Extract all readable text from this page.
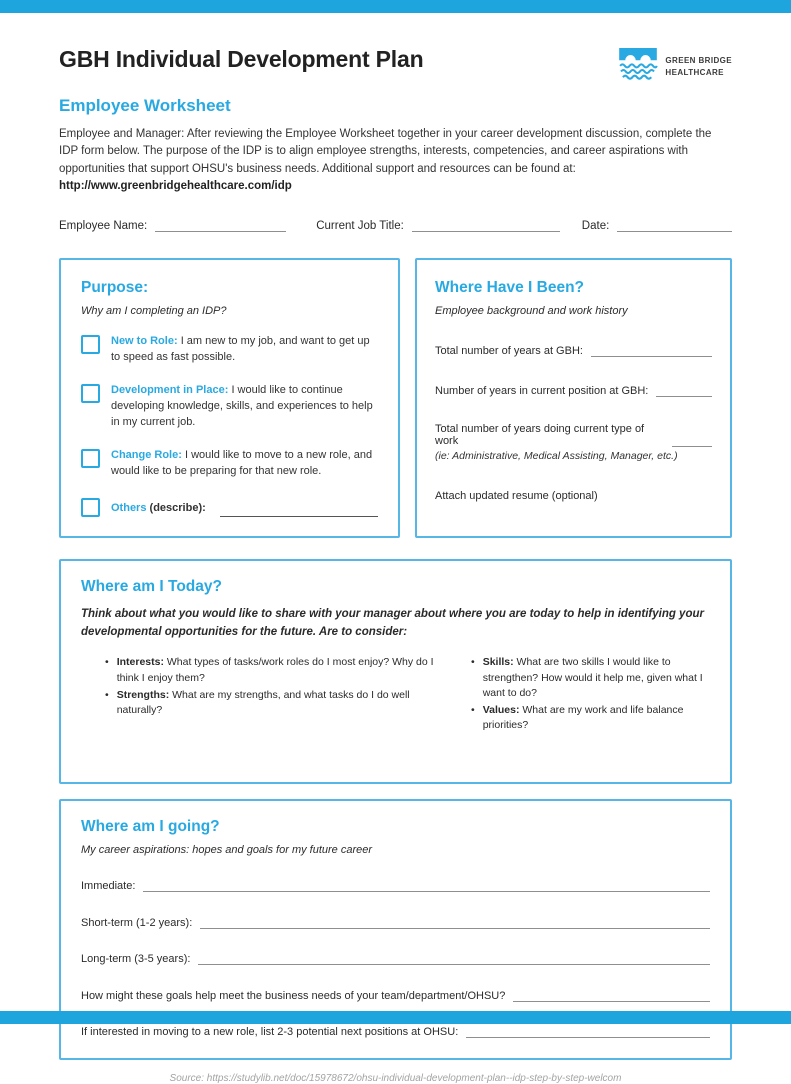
GBH Individual Development Plan	GREEN BRIDGE
HEALTHCARE
Employee Worksheet

Employee and Manager: After reviewing the Employee Worksheet together in your career development discussion, complete the IDP form below. The purpose of the IDP is to align employee strengths, interests, competencies, and career aspirations with opportunities that support OHSU's business needs. Additional support and resources can be found at: http://www.greenbridgehealthcare.com/idp

Employee Name:	Current Job Title:	Date:
Purpose:
Why am I completing an IDP?

New to Role: I am new to my job, and want to get up to speed as fast possible.

Development in Place: I would like to continue developing knowledge, skills, and experiences to help in my current job.

Change Role: I would like to move to a new role, and would like to be preparing for that new role.

Others (describe):
Where Have I Been?
Employee background and work history
Total number of years at GBH:
Number of years in current position at GBH:
Total number of years doing current type of work
(ie: Administrative, Medical Assisting, Manager, etc.)
Attach updated resume (optional)
Where am I Today?
Think about what you would like to share with your manager about where you are today to help in identifying your developmental opportunities for the future. Are to consider:
• Interests: What types of tasks/work roles do I most enjoy? Why do I think I enjoy them?
• Strengths: What are my strengths, and what tasks do I do well naturally?
• Skills: What are two skills I would like to strengthen? How would it help me, given what I want to do?
• Values: What are my work and life balance priorities?
Where am I going?
My career aspirations: hopes and goals for my future career
Immediate:
Short-term (1-2 years):
Long-term (3-5 years):
How might these goals help meet the business needs of your team/department/OHSU?
If interested in moving to a new role, list 2-3 potential next positions at OHSU:
Source: https://studylib.net/doc/15978672/ohsu-individual-development-plan--idp-step-by-step-welcom
